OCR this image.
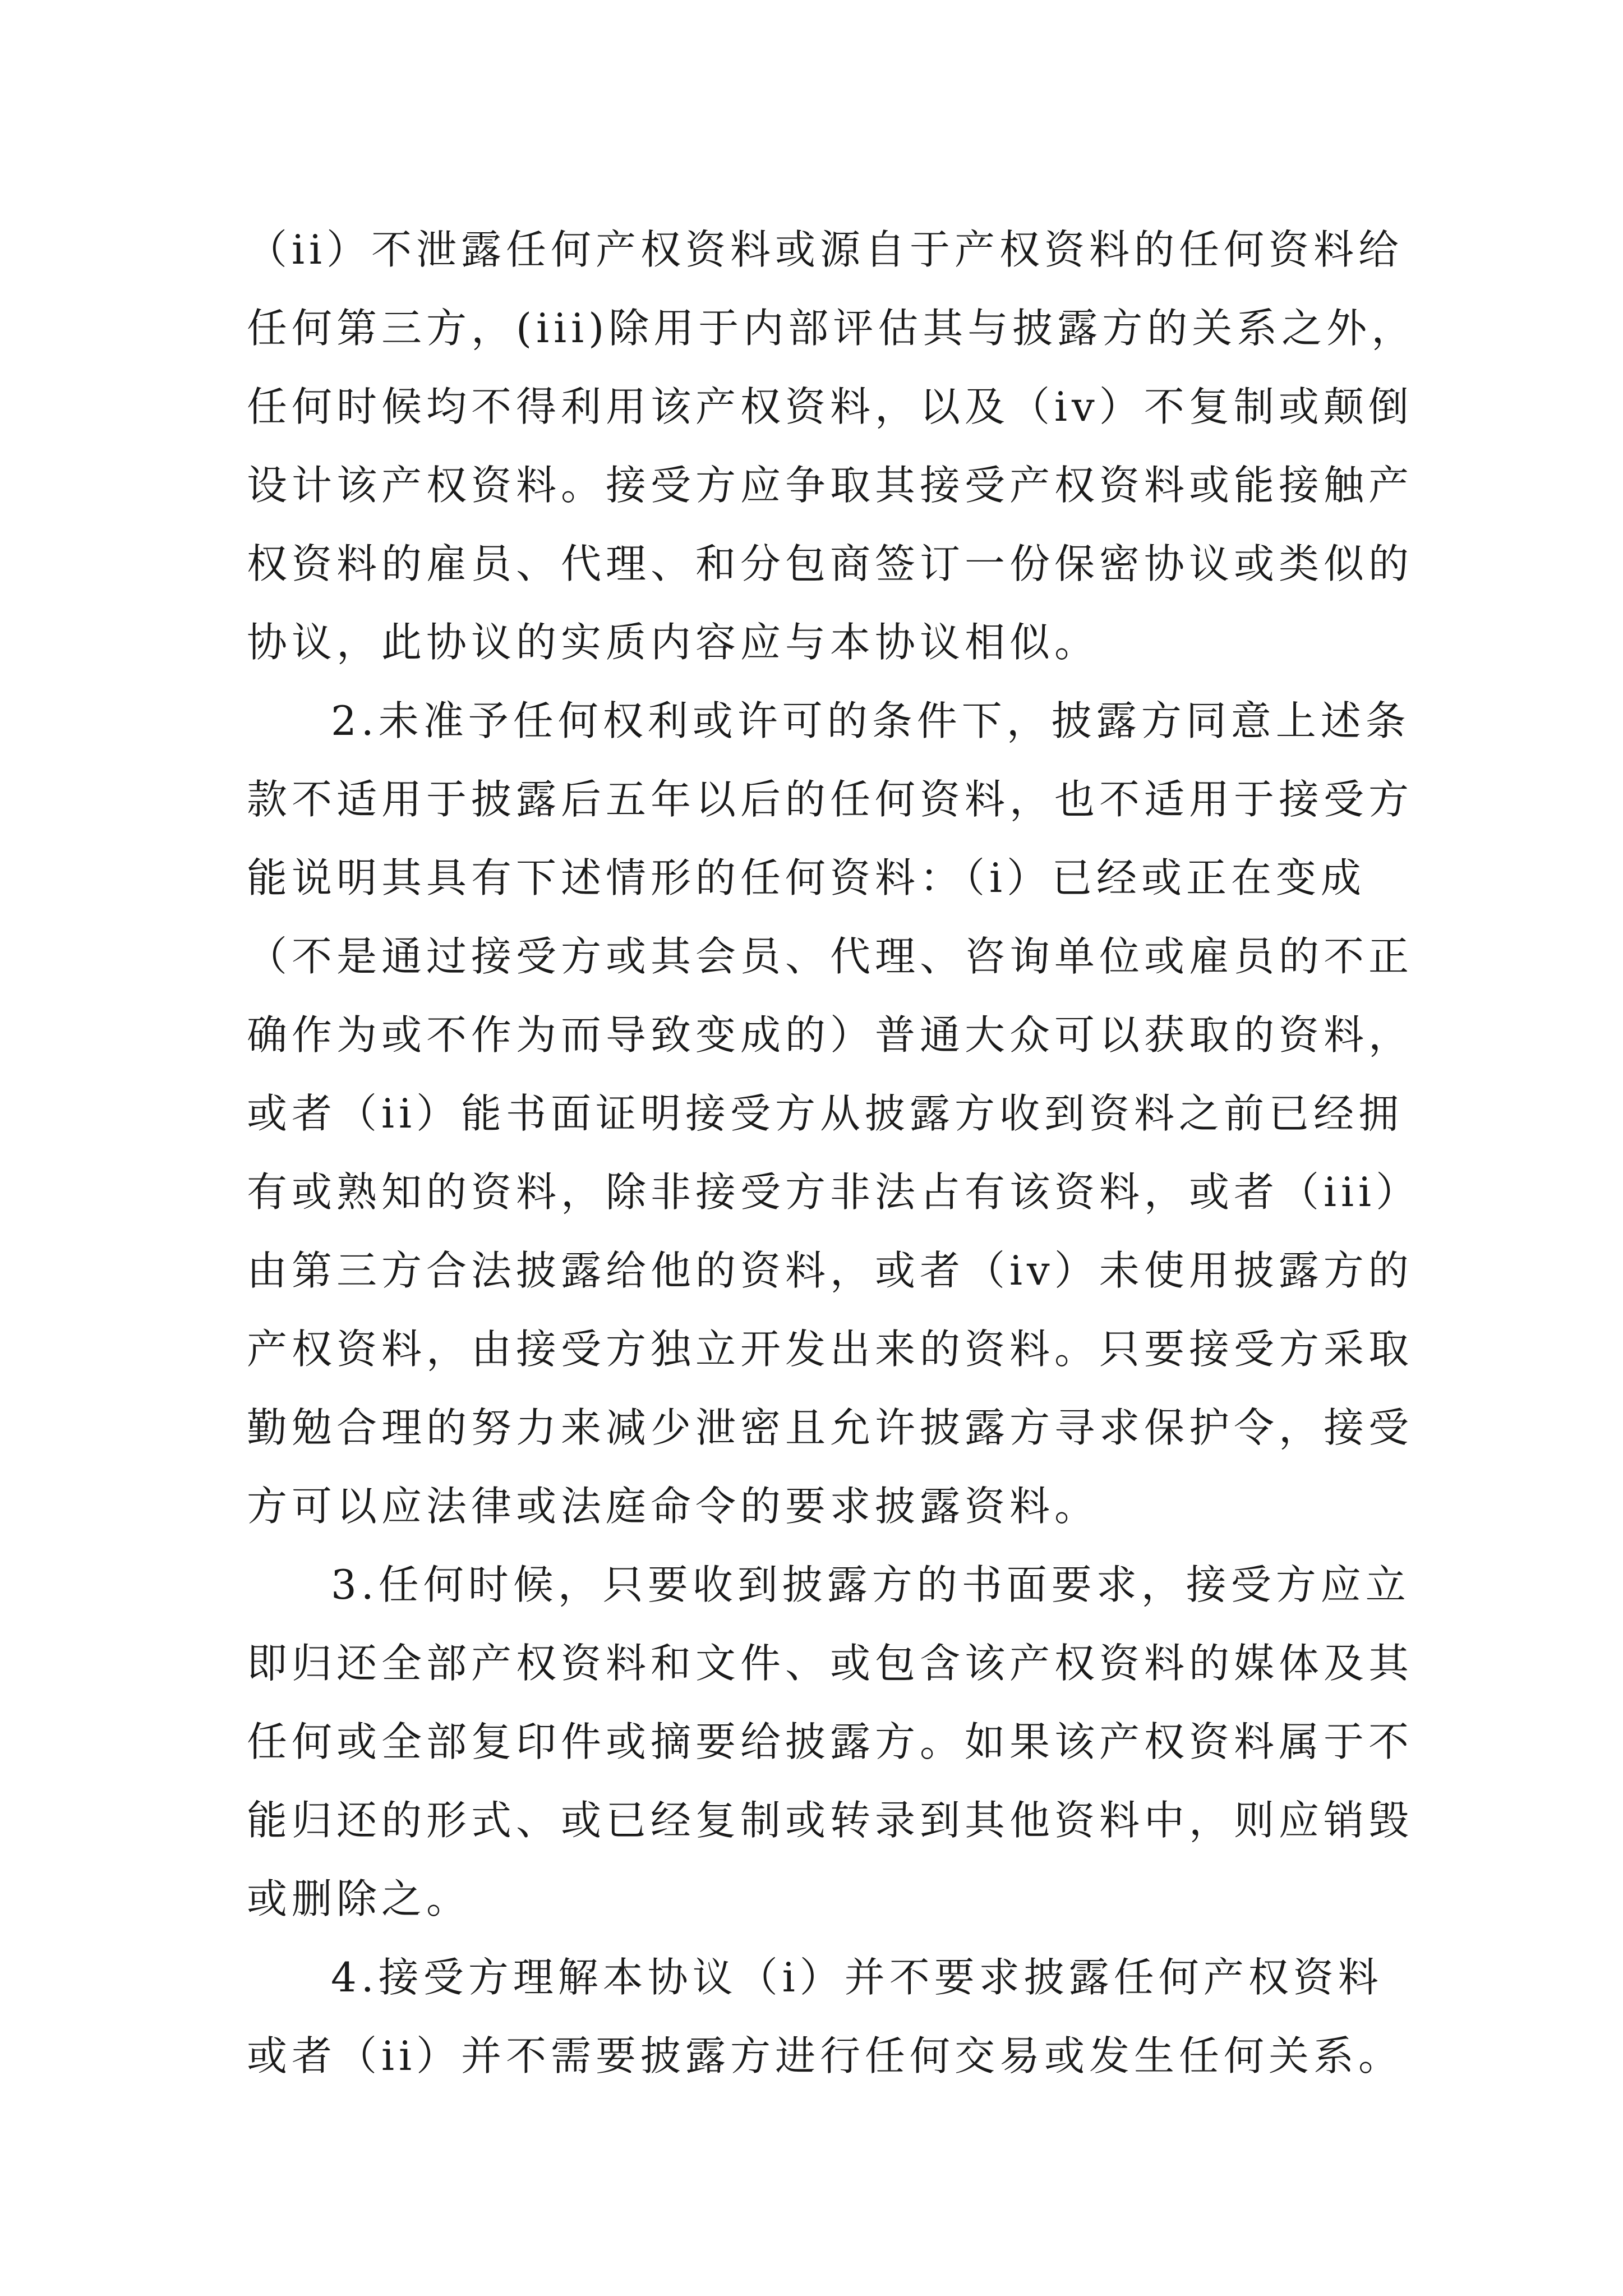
（ii）不泄露任何产权资料或源自于产权资料的任何资料给
任何第三方，(iii)除用于内部评估其与披露方的关系之外，
任何时候均不得利用该产权资料，以及（iv）不复制或颠倒
设计该产权资料。接受方应争取其接受产权资料或能接触产
权资料的雇员、代理、和分包商签订一份保密协议或类似的
协议，此协议的实质内容应与本协议相似。
2.未准予任何权利或许可的条件下，披露方同意上述条
款不适用于披露后五年以后的任何资料，也不适用于接受方
能说明其具有下述情形的任何资料：（i）已经或正在变成
（不是通过接受方或其会员、代理、咨询单位或雇员的不正
确作为或不作为而导致变成的）普通大众可以获取的资料，
或者（ii）能书面证明接受方从披露方收到资料之前已经拥
有或熟知的资料，除非接受方非法占有该资料，或者（iii）
由第三方合法披露给他的资料，或者（iv）未使用披露方的
产权资料，由接受方独立开发出来的资料。只要接受方采取
勤勉合理的努力来减少泄密且允许披露方寻求保护令，接受
方可以应法律或法庭命令的要求披露资料。
3.任何时候，只要收到披露方的书面要求，接受方应立
即归还全部产权资料和文件、或包含该产权资料的媒体及其
任何或全部复印件或摘要给披露方。如果该产权资料属于不
能归还的形式、或已经复制或转录到其他资料中，则应销毁
或删除之。
4.接受方理解本协议（i）并不要求披露任何产权资料
或者（ii）并不需要披露方进行任何交易或发生任何关系。
